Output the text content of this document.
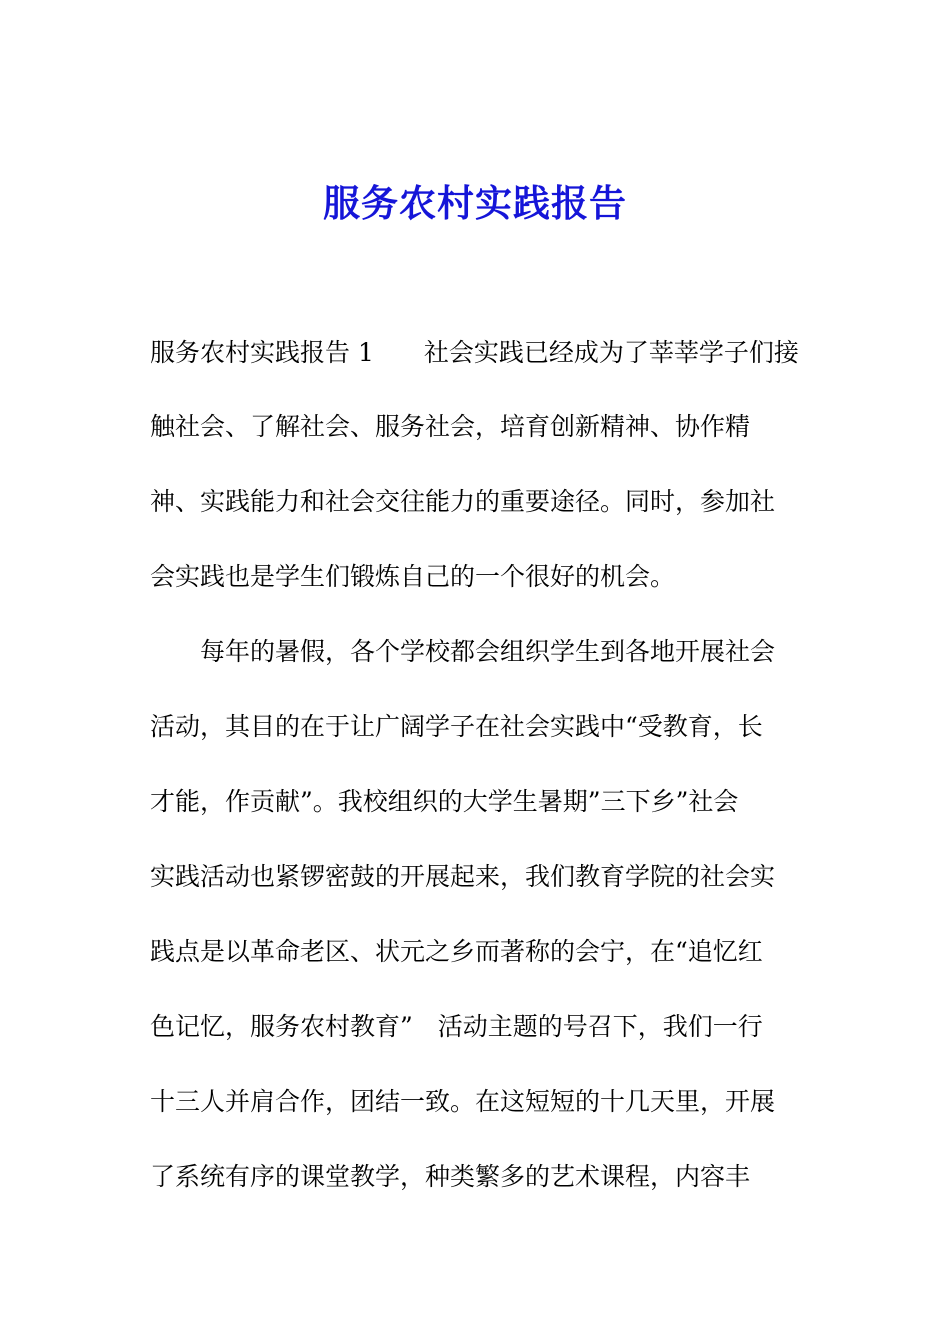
服务农村实践报告
服务农村实践报告 1　　社会实践已经成为了莘莘学子们接
触社会、了解社会、服务社会，培育创新精神、协作精
神、实践能力和社会交往能力的重要途径。同时，参加社
会实践也是学生们锻炼自己的一个很好的机会。
　　每年的暑假，各个学校都会组织学生到各地开展社会
活动，其目的在于让广阔学子在社会实践中“受教育，长
才能，作贡献”。我校组织的大学生暑期”三下乡”社会
实践活动也紧锣密鼓的开展起来，我们教育学院的社会实
践点是以革命老区、状元之乡而著称的会宁，在“追忆红
色记忆，服务农村教育”　活动主题的号召下，我们一行
十三人并肩合作，团结一致。在这短短的十几天里，开展
了系统有序的课堂教学，种类繁多的艺术课程，内容丰
